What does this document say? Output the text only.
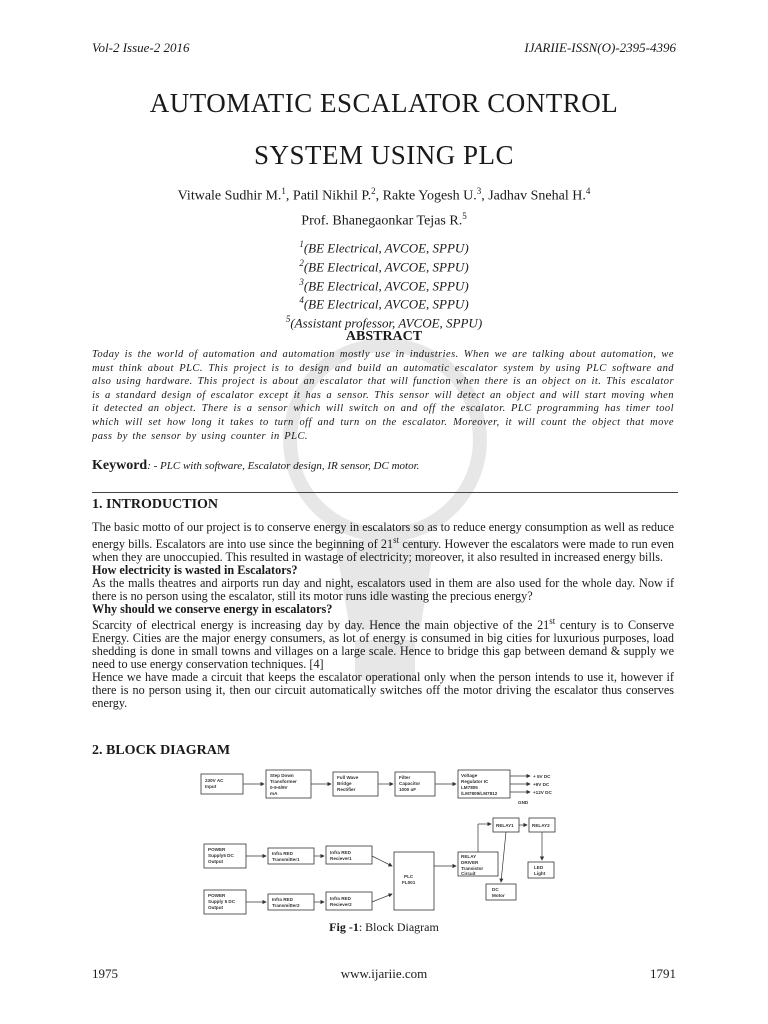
Vol-2 Issue-2 2016	IJARIIE-ISSN(O)-2395-4396
AUTOMATIC ESCALATOR CONTROL
SYSTEM USING PLC
Vitwale Sudhir M.$^1$, Patil Nikhil P.$^2$, Rakte Yogesh U.$^3$, Jadhav Snehal H.$^4$
Prof. Bhanegaonkar Tejas R.$^5$
$^1$(BE Electrical, AVCOE, SPPU)
$^2$(BE Electrical, AVCOE, SPPU)
$^3$(BE Electrical, AVCOE, SPPU)
$^4$(BE Electrical, AVCOE, SPPU)
$^5$(Assistant professor, AVCOE, SPPU)
ABSTRACT
Today is the world of automation and automation mostly use in industries. When we are talking about automation, we must think about PLC. This project is to design and build an automatic escalator system by using PLC software and also using hardware. This project is about an escalator that will function when there is an object on it. This escalator is a standard design of escalator except it has a sensor. This sensor will detect an object and will start moving when it detected an object. There is a sensor which will switch on and off the escalator. PLC programming has timer tool which will set how long it takes to turn off and turn on the escalator. Moreover, it will count the object that move pass by the sensor by using counter in PLC.
Keyword: - PLC with software, Escalator design, IR sensor, DC motor.
1. INTRODUCTION

The basic motto of our project is to conserve energy in escalators so as to reduce energy consumption as well as reduce energy bills. Escalators are into use since the beginning of 21st century. However the escalators were made to run even when they are unoccupied. This resulted in wastage of electricity; moreover, it also resulted in increased energy bills.

How electricity is wasted in Escalators?

As the malls theatres and airports run day and night, escalators used in them are also used for the whole day. Now if there is no person using the escalator, still its motor runs idle wasting the precious energy?

Why should we conserve energy in escalators?

Scarcity of electrical energy is increasing day by day. Hence the main objective of the 21st century is to Conserve Energy. Cities are the major energy consumers, as lot of energy is consumed in big cities for luxurious purposes, load shedding is done in small towns and villages on a large scale. Hence to bridge this gap between demand & supply we need to use energy conservation techniques. [4]

Hence we have made a circuit that keeps the escalator operational only when the person intends to use it, however if there is no person using it, then our circuit automatically switches off the motor driving the escalator thus conserves energy.

2. BLOCK DIAGRAM
230V AC
Input
Step Down
Transformer
0-9-6/9V
mA
Full Wave
Bridge
Rectifier
Filter
Capacitor
1000 uF
Voltage
Regulator IC
LM7805
/LM7809/LM7812
+ 5V DC
+9V DC
+12V DC
GND
RELAY1	RELAY2
POWER
Supply5 DC
Output
Infra RED
Transmitter1
Infra RED
Reciever1
PLC
FL001
RELAY
DRIVER
Transistor
Circuit
LED
Light
DC
Motor
POWER
Supply 5 DC
Output
Infra RED
Transmitter2
Infra RED
Reciever2
Fig -1: Block Diagram
1975	www.ijariie.com	1791
